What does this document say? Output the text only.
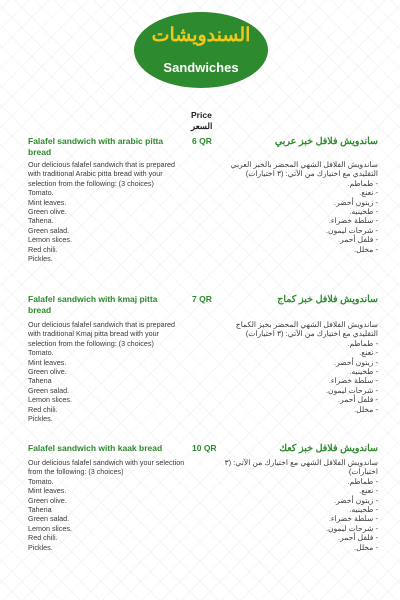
السندويشات
Sandwiches
Price
السعر
Falafel sandwich with arabic pitta bread
6 QR	ساندويش فلافل خبز عربي
Our delicious falafel sandwich that is prepared with traditional Arabic pitta bread with your selection from the following: (3 choices)
Tomato.
Mint leaves.
Green olive.
Tahena.
Green salad.
Lemon slices.
Red chili.
Pickles.
ساندويش الفلافل الشهي المحضر بالخبز العربي التقليدي مع اختيارك من الآتي: (٣ اختيارات)
- طماطم.
- نعنع.
- زيتون أخضر.
- طحينيه.
- سلطة خضراء.
- شرحات ليمون.
- فلفل أحمر.
- مخلل.
Falafel sandwich with kmaj pitta bread
7 QR	ساندويش فلافل خبز كماج
Our delicious falafel sandwich that is prepared with traditional Kmaj pitta bread with your selection from the following: (3 choices)
Tomato.
Mint leaves.
Green olive.
Tahena
Green salad.
Lemon slices.
Red chili.
Pickles.
ساندويش الفلافل الشهي المحضر بخبز الكماج التقليدي مع اختيارك من الآتي: (٣ اختيارات)
- طماطم.
- نعنع.
- زيتون أخضر.
- طحينيه.
- سلطة خضراء.
- شرحات ليمون.
- فلفل أحمر.
- مخلل.
Falafel sandwich with kaak bread	10 QR	ساندويش فلافل خبز كعك
Our delicious falafel sandwich with your selection from the following: (3 choices)
Tomato.
Mint leaves.
Green olive.
Tahena
Green salad.
Lemon slices.
Red chili.
Pickles.
ساندويش الفلافل الشهي مع اختيارك من الآتي: (٣ اختيارات)
- طماطم.
- نعنع.
- زيتون أخضر.
- طحينيه.
- سلطة خضراء.
- شرحات ليمون.
- فلفل أحمر.
- مخلل.
